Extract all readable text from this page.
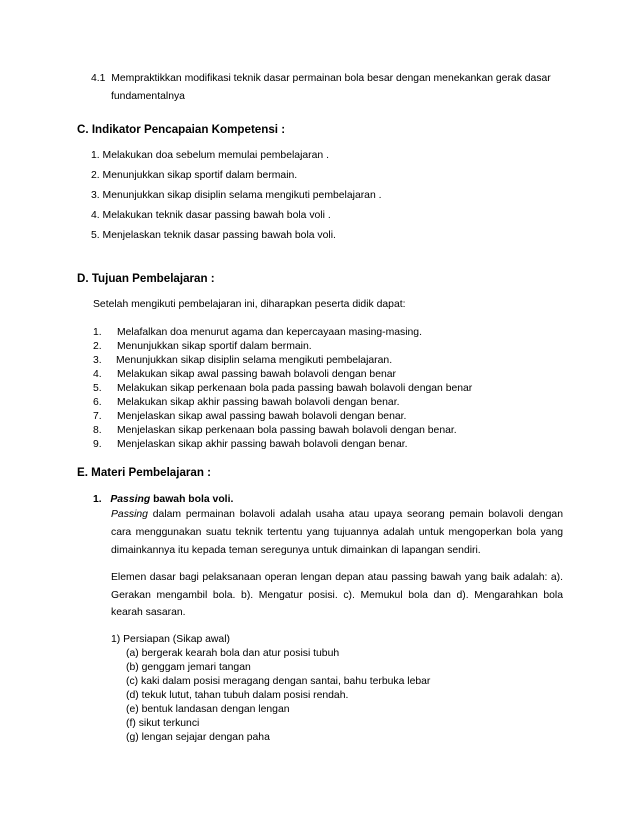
4.1 Mempraktikkan modifikasi teknik dasar permainan bola besar dengan menekankan gerak dasar
fundamentalnya
C. Indikator Pencapaian Kompetensi :
1. Melakukan doa sebelum memulai pembelajaran .
2. Menunjukkan sikap sportif dalam bermain.
3. Menunjukkan sikap disiplin selama mengikuti pembelajaran .
4. Melakukan teknik dasar passing bawah bola voli .
5. Menjelaskan teknik dasar passing bawah bola voli.
D. Tujuan Pembelajaran :
Setelah mengikuti pembelajaran ini, diharapkan peserta didik dapat:
1. Melafalkan doa menurut agama dan kepercayaan masing-masing.
2. Menunjukkan sikap sportif dalam bermain.
3. Menunjukkan sikap disiplin selama mengikuti pembelajaran.
4. Melakukan sikap awal passing bawah bolavoli dengan benar
5. Melakukan sikap perkenaan bola pada passing bawah bolavoli dengan benar
6. Melakukan sikap akhir passing bawah bolavoli dengan benar.
7. Menjelaskan sikap awal passing bawah bolavoli dengan benar.
8. Menjelaskan sikap perkenaan bola passing bawah bolavoli dengan benar.
9. Menjelaskan sikap akhir passing bawah bolavoli dengan benar.
E. Materi Pembelajaran :
1. Passing bawah bola voli.
Passing dalam permainan bolavoli adalah usaha atau upaya seorang pemain bolavoli dengan
cara menggunakan suatu teknik tertentu yang tujuannya adalah untuk mengoperkan bola yang
dimainkannya itu kepada teman seregunya untuk dimainkan di lapangan sendiri.
Elemen dasar bagi pelaksanaan operan lengan depan atau passing bawah yang baik adalah: a).
Gerakan mengambil bola. b). Mengatur posisi. c). Memukul bola dan d). Mengarahkan bola
kearah sasaran.
1) Persiapan (Sikap awal)
(a) bergerak kearah bola dan atur posisi tubuh
(b) genggam jemari tangan
(c) kaki dalam posisi meragang dengan santai, bahu terbuka lebar
(d) tekuk lutut, tahan tubuh dalam posisi rendah.
(e) bentuk landasan dengan lengan
(f) sikut terkunci
(g) lengan sejajar dengan paha
